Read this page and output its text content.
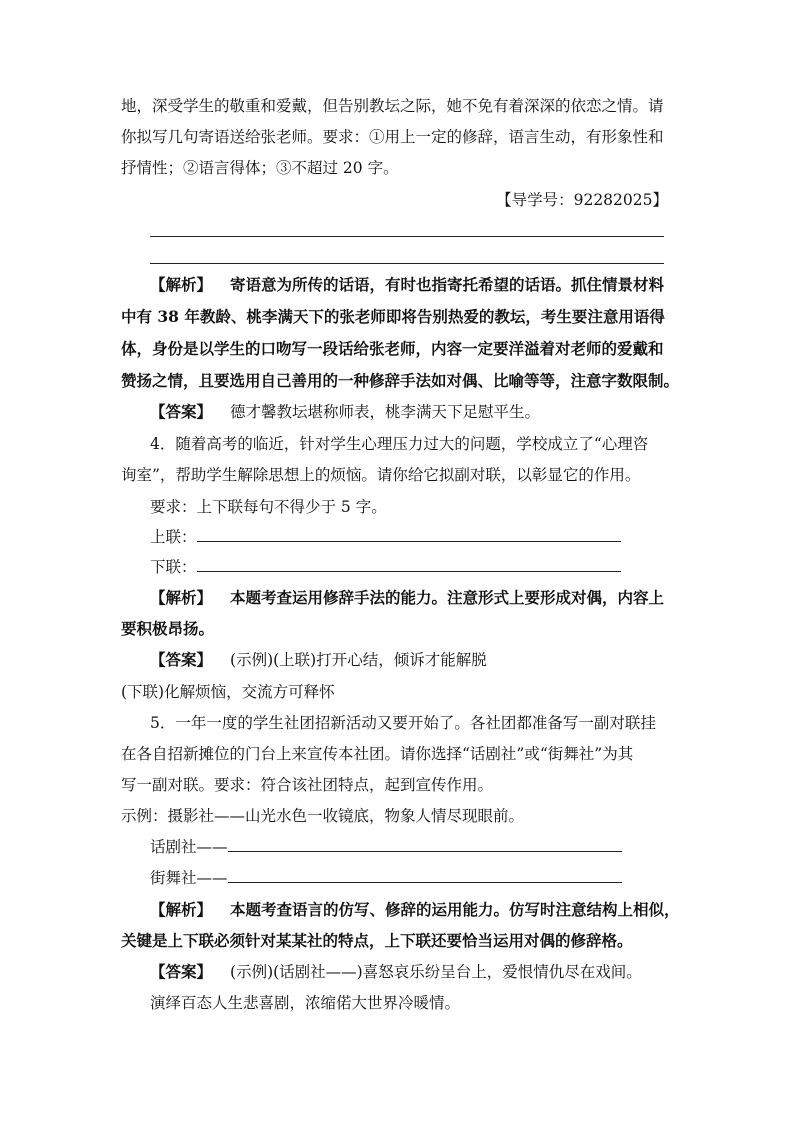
地，深受学生的敬重和爱戴，但告别教坛之际，她不免有着深深的依恋之情。请
你拟写几句寄语送给张老师。要求：①用上一定的修辞，语言生动，有形象性和
抒情性；②语言得体；③不超过 20 字。
【导学号：92282025】
【解析】 寄语意为所传的话语，有时也指寄托希望的话语。抓住情景材料
中有 38 年教龄、桃李满天下的张老师即将告别热爱的教坛，考生要注意用语得
体，身份是以学生的口吻写一段话给张老师，内容一定要洋溢着对老师的爱戴和
赞扬之情，且要选用自己善用的一种修辞手法如对偶、比喻等等，注意字数限制。
【答案】 德才馨教坛堪称师表，桃李满天下足慰平生。
4．随着高考的临近，针对学生心理压力过大的问题，学校成立了“心理咨
询室”，帮助学生解除思想上的烦恼。请你给它拟副对联，以彰显它的作用。
要求：上下联每句不得少于 5 字。
上联：
下联：
【解析】 本题考查运用修辞手法的能力。注意形式上要形成对偶，内容上
要积极昂扬。
【答案】 (示例)(上联)打开心结，倾诉才能解脱
(下联)化解烦恼，交流方可释怀
5．一年一度的学生社团招新活动又要开始了。各社团都准备写一副对联挂
在各自招新摊位的门台上来宣传本社团。请你选择“话剧社”或“街舞社”为其
写一副对联。要求：符合该社团特点，起到宣传作用。
示例：摄影社——山光水色一收镜底，物象人情尽现眼前。
话剧社——
街舞社——
【解析】 本题考查语言的仿写、修辞的运用能力。仿写时注意结构上相似，
关键是上下联必须针对某某社的特点，上下联还要恰当运用对偶的修辞格。
【答案】 (示例)(话剧社——)喜怒哀乐纷呈台上，爱恨情仇尽在戏间。
演绎百态人生悲喜剧，浓缩偌大世界冷暖情。
